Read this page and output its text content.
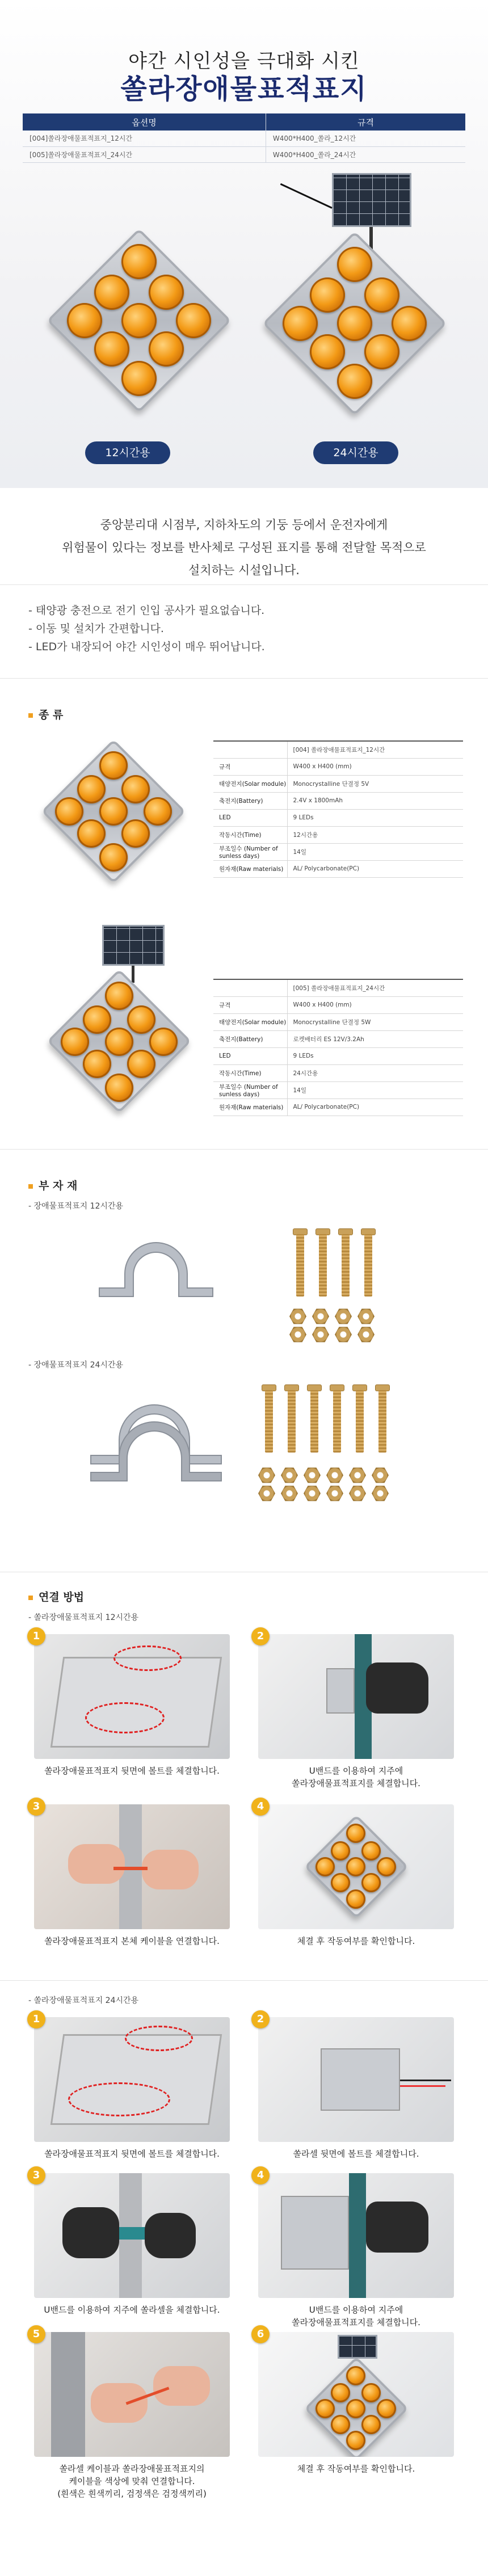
야간 시인성을 극대화 시킨
쏠라장애물표적표지
옵션명	규격
[004]쏠라장애물표적표지_12시간	W400*H400_쏠라_12시간
[005]쏠라장애물표적표지_24시간	W400*H400_쏠라_24시간
12시간용	24시간용
중앙분리대 시점부, 지하차도의 기둥 등에서 운전자에게
위험물이 있다는 정보를 반사체로 구성된 표지를 통해 전달할 목적으로
설치하는 시설입니다.
- 태양광 충전으로 전기 인입 공사가 필요없습니다.
- 이동 및 설치가 간편합니다.
- LED가 내장되어 야간 시인성이 매우 뛰어납니다.
종 류
	[004] 쏠라장애물표적표지_12시간
규격	W400 x H400 (mm)
태양전지(Solar module)	Monocrystalline 단결정 5V
축전지(Battery)	2.4V x 1800mAh
LED	9 LEDs
작동시간(Time)	12시간용
부조일수 (Number of sunless days)	14일
원자재(Raw materials)	AL/ Polycarbonate(PC)
	[005] 쏠라장애물표적표지_24시간
규격	W400 x H400 (mm)
태양전지(Solar module)	Monocrystalline 단결정 5W
축전지(Battery)	로켓배터리 ES 12V/3.2Ah
LED	9 LEDs
작동시간(Time)	24시간용
부조일수 (Number of sunless days)	14일
원자재(Raw materials)	AL/ Polycarbonate(PC)
부 자 재
- 장애물표적표지 12시간용
- 장애물표적표지 24시간용
연결 방법
- 쏠라장애물표적표지 12시간용
1
쏠라장애물표적표지 뒷면에 볼트를 체결합니다.
2
U밴드를 이용하여 지주에
쏠라장애물표적표지를 체결합니다.
3
쏠라장애물표적표지 본체 케이블을 연결합니다.
4
체결 후 작동여부를 확인합니다.
- 쏠라장애물표적표지 24시간용
1
쏠라장애물표적표지 뒷면에 볼트를 체결합니다.
2
쏠라셀 뒷면에 볼트를 체결합니다.
3
U밴드를 이용하여 지주에 쏠라셀을 체결합니다.
4
U밴드를 이용하여 지주에
쏠라장애물표적표지를 체결합니다.
5
쏠라셀 케이블과 쏠라장애물표적표지의
케이블을 색상에 맞춰 연결합니다.
(흰색은 흰색끼리, 검정색은 검정색끼리)
6
체결 후 작동여부를 확인합니다.
